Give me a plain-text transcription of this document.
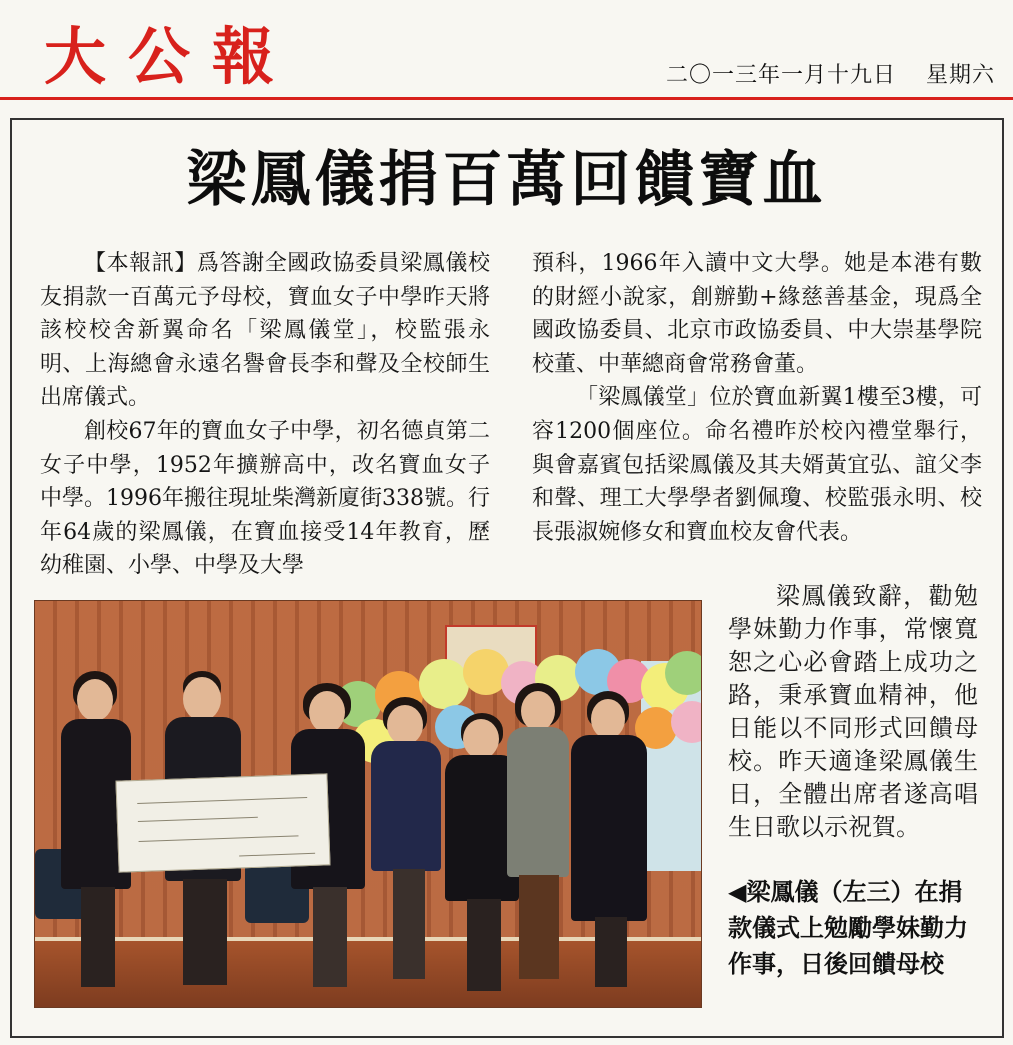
大公報	二〇一三年一月十九日 星期六
梁鳳儀捐百萬回饋寶血

【本報訊】爲答謝全國政協委員梁鳳儀校友捐款一百萬元予母校，寶血女子中學昨天將該校校舍新翼命名「梁鳳儀堂」，校監張永明、上海總會永遠名譽會長李和聲及全校師生出席儀式。

創校67年的寶血女子中學，初名德貞第二女子中學，1952年擴辦高中，改名寶血女子中學。1996年搬往現址柴灣新廈街338號。行年64歲的梁鳳儀，在寶血接受14年教育，歷幼稚園、小學、中學及大學

預科，1966年入讀中文大學。她是本港有數的財經小說家，創辦勤+緣慈善基金，現爲全國政協委員、北京市政協委員、中大崇基學院校董、中華總商會常務會董。

「梁鳳儀堂」位於寶血新翼1樓至3樓，可容1200個座位。命名禮昨於校內禮堂舉行，與會嘉賓包括梁鳳儀及其夫婿黃宜弘、誼父李和聲、理工大學學者劉佩瓊、校監張永明、校長張淑婉修女和寶血校友會代表。

梁鳳儀致辭，勸勉學妹勤力作事，常懷寬恕之心必會踏上成功之路，秉承寶血精神，他日能以不同形式回饋母校。昨天適逢梁鳳儀生日，全體出席者遂高唱生日歌以示祝賀。

◀梁鳳儀（左三）在捐款儀式上勉勵學妹勤力作事，日後回饋母校
